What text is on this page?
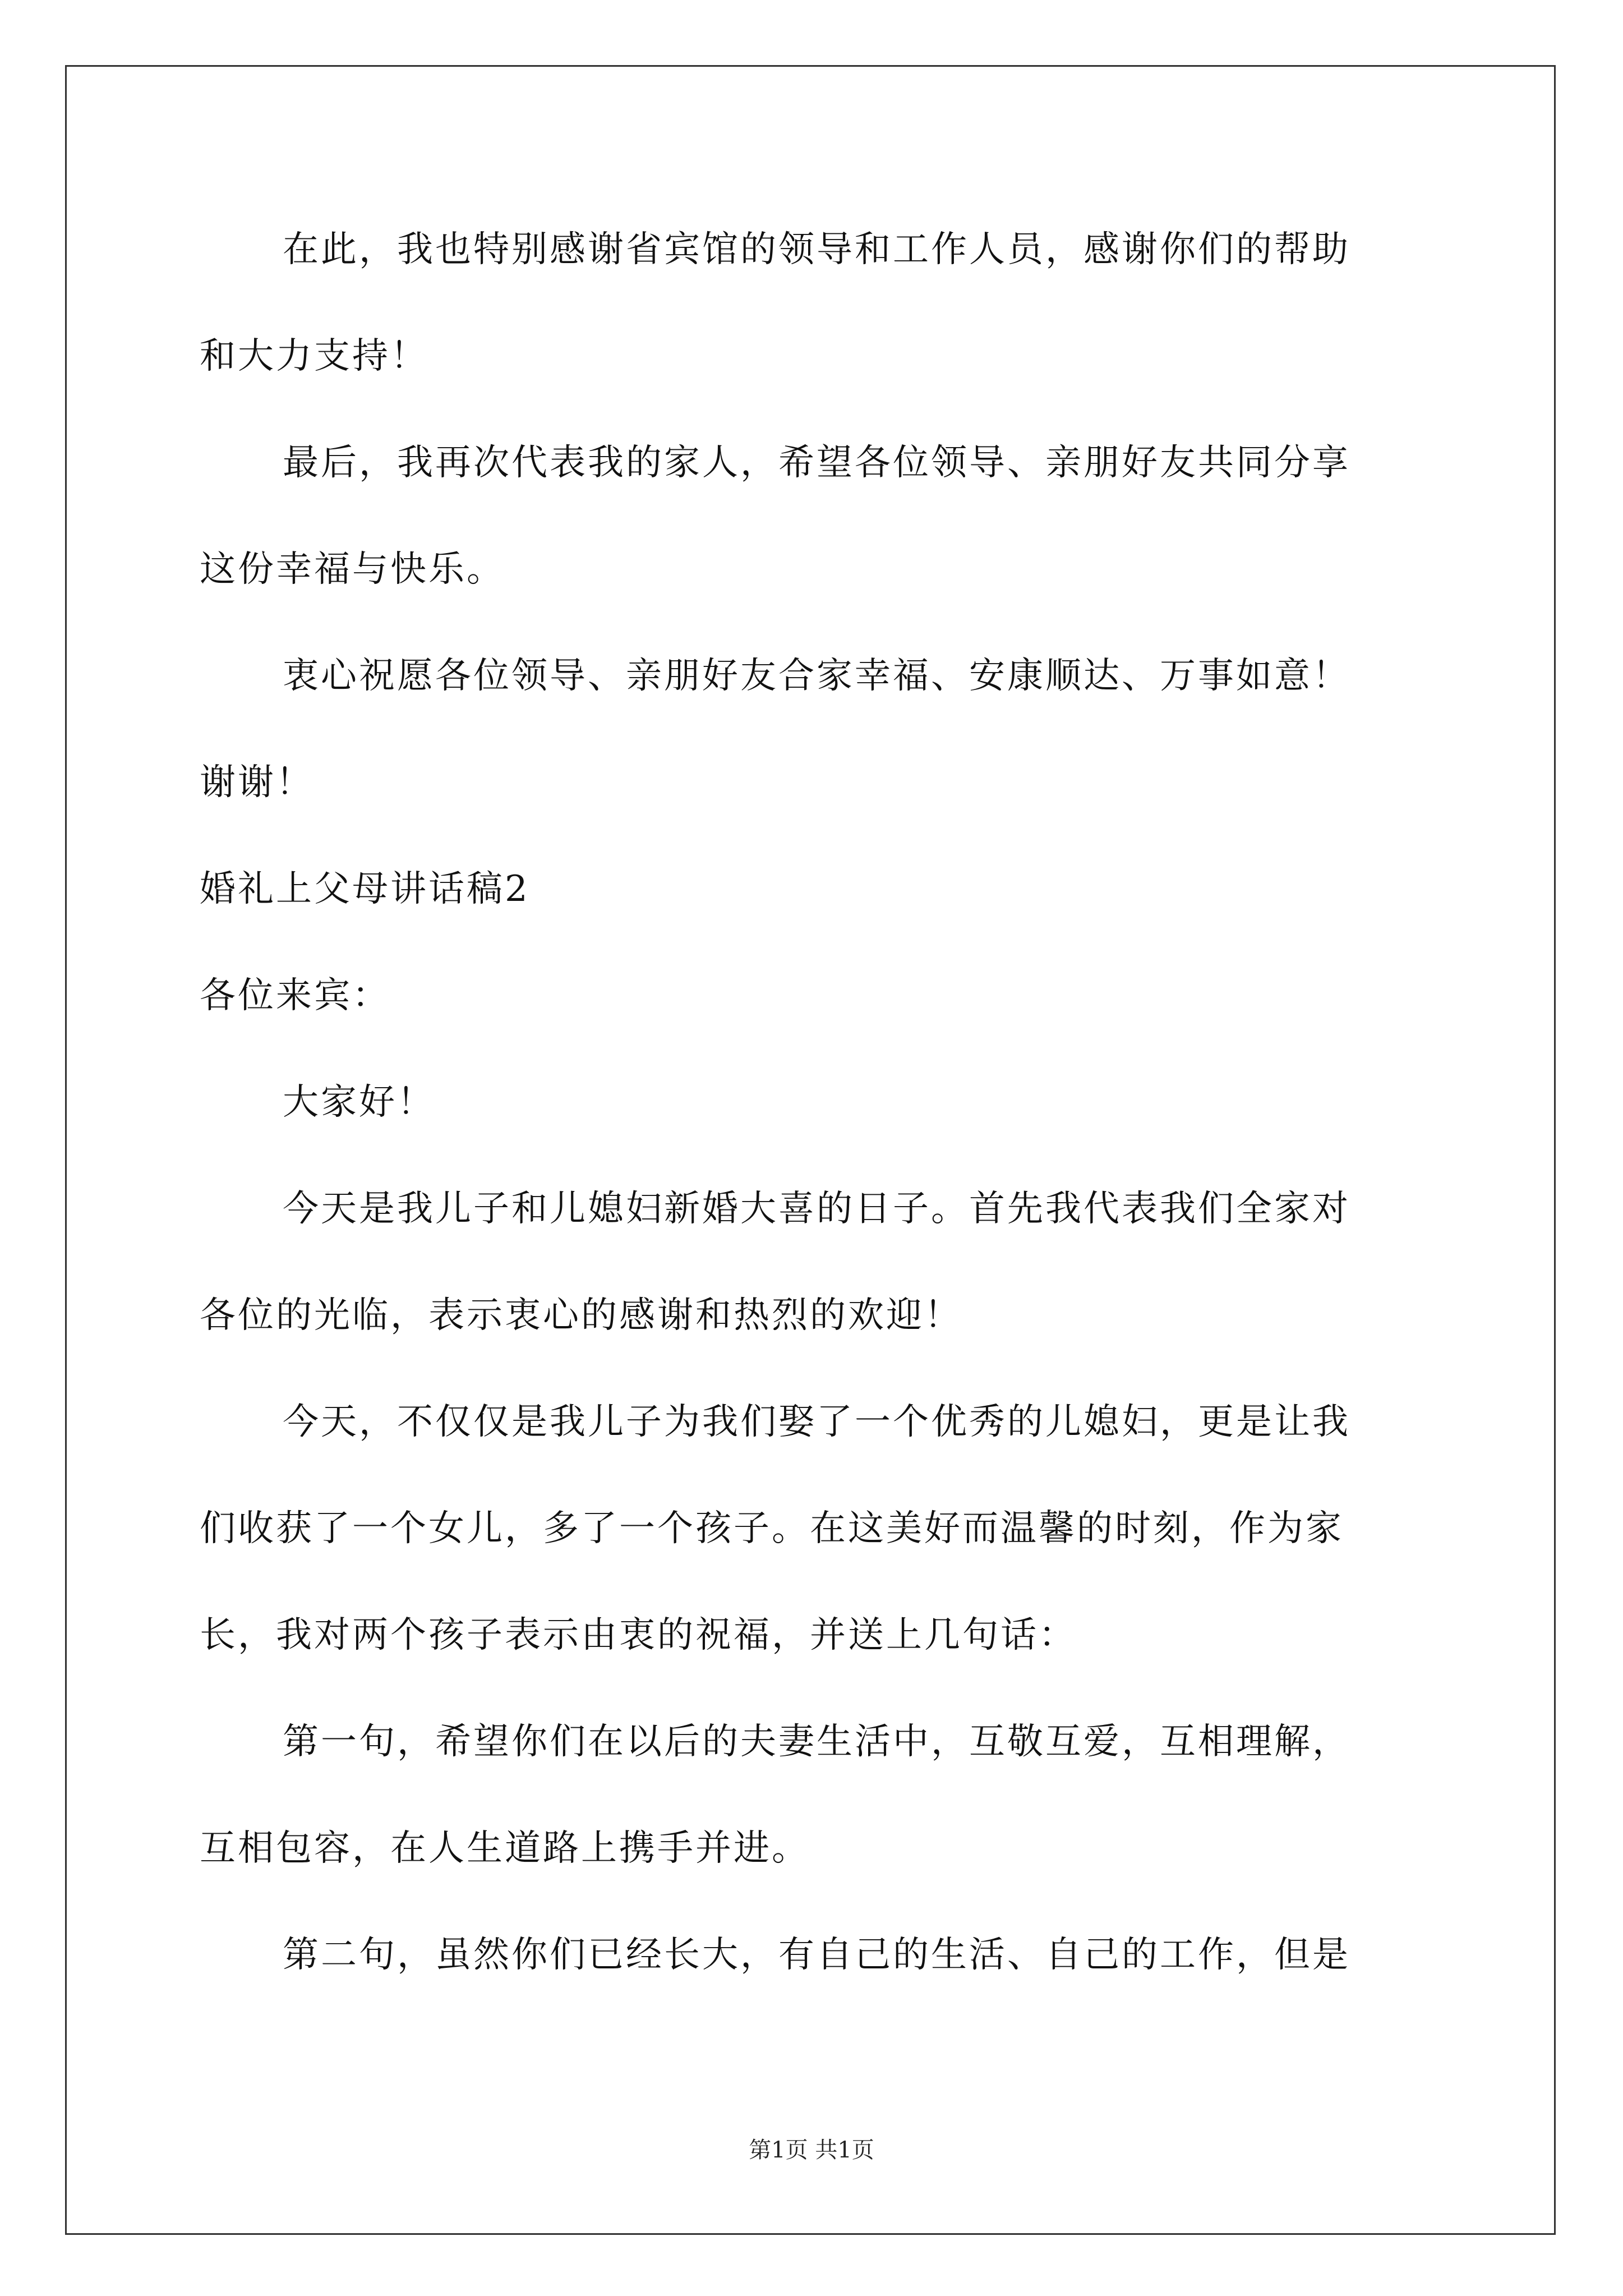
在此，我也特别感谢省宾馆的领导和工作人员，感谢你们的帮助
和大力支持！
最后，我再次代表我的家人，希望各位领导、亲朋好友共同分享
这份幸福与快乐。
衷心祝愿各位领导、亲朋好友合家幸福、安康顺达、万事如意！
谢谢！
婚礼上父母讲话稿2
各位来宾：
大家好！
今天是我儿子和儿媳妇新婚大喜的日子。首先我代表我们全家对
各位的光临，表示衷心的感谢和热烈的欢迎！
今天，不仅仅是我儿子为我们娶了一个优秀的儿媳妇，更是让我
们收获了一个女儿，多了一个孩子。在这美好而温馨的时刻，作为家
长，我对两个孩子表示由衷的祝福，并送上几句话：
第一句，希望你们在以后的夫妻生活中，互敬互爱，互相理解，
互相包容，在人生道路上携手并进。
第二句，虽然你们已经长大，有自己的生活、自己的工作，但是
第1页 共1页
